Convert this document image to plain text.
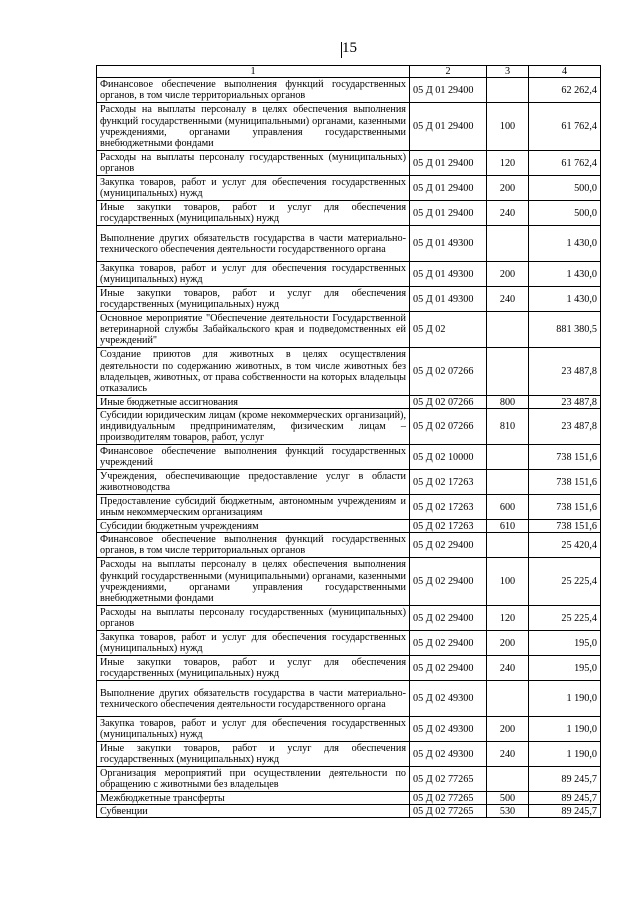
15
1	2	3	4
Финансовое обеспечение выполнения функций государственных органов, в том числе территориальных органов	05 Д 01 29400		62 262,4
Расходы на выплаты персоналу в целях обеспечения выполнения функций государственными (муниципальными) органами, казенными учреждениями, органами управления государственными внебюджетными фондами	05 Д 01 29400	100	61 762,4
Расходы на выплаты персоналу государственных (муниципальных) органов	05 Д 01 29400	120	61 762,4
Закупка товаров, работ и услуг для обеспечения государственных (муниципальных) нужд	05 Д 01 29400	200	500,0
Иные закупки товаров, работ и услуг для обеспечения государственных (муниципальных) нужд	05 Д 01 29400	240	500,0
Выполнение других обязательств государства в части материально-технического обеспечения деятельности государственного органа	05 Д 01 49300		1 430,0
Закупка товаров, работ и услуг для обеспечения государственных (муниципальных) нужд	05 Д 01 49300	200	1 430,0
Иные закупки товаров, работ и услуг для обеспечения государственных (муниципальных) нужд	05 Д 01 49300	240	1 430,0
Основное мероприятие "Обеспечение деятельности Государственной ветеринарной службы Забайкальского края и подведомственных ей учреждений"	05 Д 02		881 380,5
Создание приютов для животных в целях осуществления деятельности по содержанию животных, в том числе животных без владельцев, животных, от права собственности на которых владельцы отказались	05 Д 02 07266		23 487,8
Иные бюджетные ассигнования	05 Д 02 07266	800	23 487,8
Субсидии юридическим лицам (кроме некоммерческих организаций), индивидуальным предпринимателям, физическим лицам – производителям товаров, работ, услуг	05 Д 02 07266	810	23 487,8
Финансовое обеспечение выполнения функций государственных учреждений	05 Д 02 10000		738 151,6
Учреждения, обеспечивающие предоставление услуг в области животноводства	05 Д 02 17263		738 151,6
Предоставление субсидий бюджетным, автономным учреждениям и иным некоммерческим организациям	05 Д 02 17263	600	738 151,6
Субсидии бюджетным учреждениям	05 Д 02 17263	610	738 151,6
Финансовое обеспечение выполнения функций государственных органов, в том числе территориальных органов	05 Д 02 29400		25 420,4
Расходы на выплаты персоналу в целях обеспечения выполнения функций государственными (муниципальными) органами, казенными учреждениями, органами управления государственными внебюджетными фондами	05 Д 02 29400	100	25 225,4
Расходы на выплаты персоналу государственных (муниципальных) органов	05 Д 02 29400	120	25 225,4
Закупка товаров, работ и услуг для обеспечения государственных (муниципальных) нужд	05 Д 02 29400	200	195,0
Иные закупки товаров, работ и услуг для обеспечения государственных (муниципальных) нужд	05 Д 02 29400	240	195,0
Выполнение других обязательств государства в части материально-технического обеспечения деятельности государственного органа	05 Д 02 49300		1 190,0
Закупка товаров, работ и услуг для обеспечения государственных (муниципальных) нужд	05 Д 02 49300	200	1 190,0
Иные закупки товаров, работ и услуг для обеспечения государственных (муниципальных) нужд	05 Д 02 49300	240	1 190,0
Организация мероприятий при осуществлении деятельности по обращению с животными без владельцев	05 Д 02 77265		89 245,7
Межбюджетные трансферты	05 Д 02 77265	500	89 245,7
Субвенции	05 Д 02 77265	530	89 245,7
